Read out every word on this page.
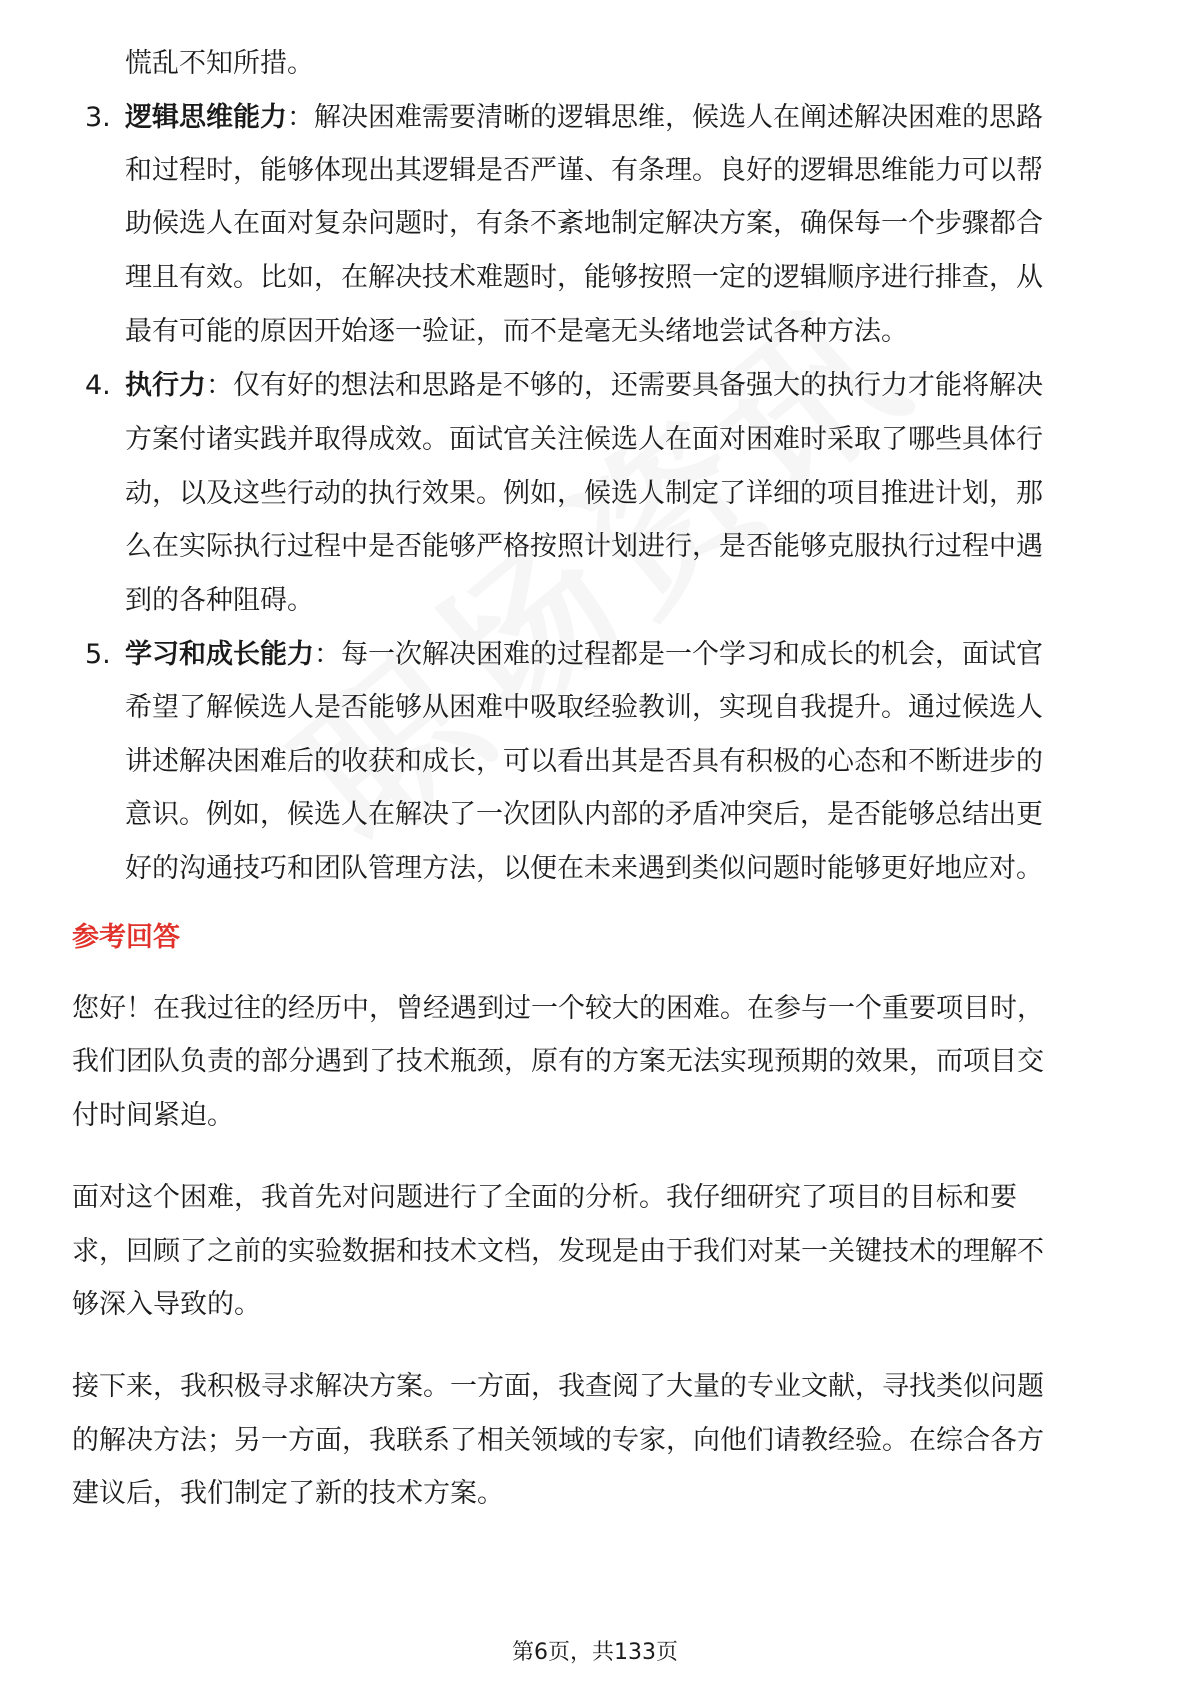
慌乱不知所措。
3. 逻辑思维能力：解决困难需要清晰的逻辑思维，候选人在阐述解决困难的思路
和过程时，能够体现出其逻辑是否严谨、有条理。良好的逻辑思维能力可以帮
助候选人在面对复杂问题时，有条不紊地制定解决方案，确保每一个步骤都合
理且有效。比如，在解决技术难题时，能够按照一定的逻辑顺序进行排查，从
最有可能的原因开始逐一验证，而不是毫无头绪地尝试各种方法。
4. 执行力：仅有好的想法和思路是不够的，还需要具备强大的执行力才能将解决
方案付诸实践并取得成效。面试官关注候选人在面对困难时采取了哪些具体行
动，以及这些行动的执行效果。例如，候选人制定了详细的项目推进计划，那
么在实际执行过程中是否能够严格按照计划进行，是否能够克服执行过程中遇
到的各种阻碍。
5. 学习和成长能力：每一次解决困难的过程都是一个学习和成长的机会，面试官
希望了解候选人是否能够从困难中吸取经验教训，实现自我提升。通过候选人
讲述解决困难后的收获和成长，可以看出其是否具有积极的心态和不断进步的
意识。例如，候选人在解决了一次团队内部的矛盾冲突后，是否能够总结出更
好的沟通技巧和团队管理方法，以便在未来遇到类似问题时能够更好地应对。
参考回答
您好！在我过往的经历中，曾经遇到过一个较大的困难。在参与一个重要项目时，
我们团队负责的部分遇到了技术瓶颈，原有的方案无法实现预期的效果，而项目交
付时间紧迫。
面对这个困难，我首先对问题进行了全面的分析。我仔细研究了项目的目标和要
求，回顾了之前的实验数据和技术文档，发现是由于我们对某一关键技术的理解不
够深入导致的。
接下来，我积极寻求解决方案。一方面，我查阅了大量的专业文献，寻找类似问题
的解决方法；另一方面，我联系了相关领域的专家，向他们请教经验。在综合各方
建议后，我们制定了新的技术方案。
第6页，共133页
